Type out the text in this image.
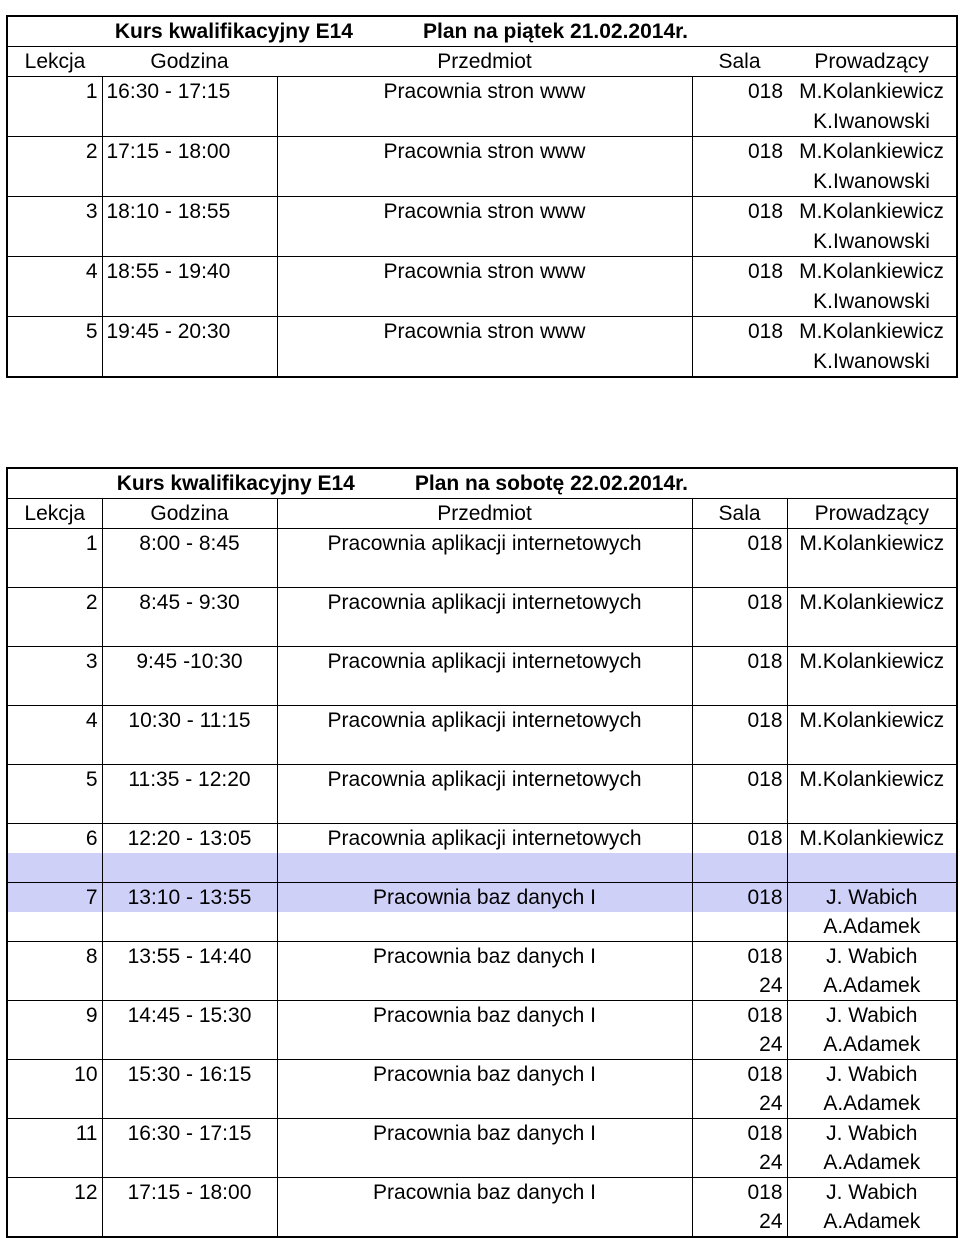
Kurs kwalifikacyjny E14 Plan na piątek 21.02.2014r.				
Lekcja	Godzina	Przedmiot	Sala	Prowadzący
1	16:30 - 17:15	Pracownia stron www	018	M.Kolankiewicz
				K.Iwanowski
2	17:15 - 18:00	Pracownia stron www	018	M.Kolankiewicz
				K.Iwanowski
3	18:10 - 18:55	Pracownia stron www	018	M.Kolankiewicz
				K.Iwanowski
4	18:55 - 19:40	Pracownia stron www	018	M.Kolankiewicz
				K.Iwanowski
5	19:45 - 20:30	Pracownia stron www	018	M.Kolankiewicz
				K.Iwanowski
Kurs kwalifikacyjny E14 Plan na sobotę 22.02.2014r.				
Lekcja	Godzina	Przedmiot	Sala	Prowadzący
1	8:00 - 8:45	Pracownia aplikacji internetowych	018	M.Kolankiewicz

2	8:45 - 9:30	Pracownia aplikacji internetowych	018	M.Kolankiewicz

3	9:45 -10:30	Pracownia aplikacji internetowych	018	M.Kolankiewicz

4	10:30 - 11:15	Pracownia aplikacji internetowych	018	M.Kolankiewicz

5	11:35 - 12:20	Pracownia aplikacji internetowych	018	M.Kolankiewicz

6	12:20 - 13:05	Pracownia aplikacji internetowych	018	M.Kolankiewicz

7	13:10 - 13:55	Pracownia baz danych I	018	J. Wabich
				A.Adamek
8	13:55 - 14:40	Pracownia baz danych I	018	J. Wabich
			24	A.Adamek
9	14:45 - 15:30	Pracownia baz danych I	018	J. Wabich
			24	A.Adamek
10	15:30 - 16:15	Pracownia baz danych I	018	J. Wabich
			24	A.Adamek
11	16:30 - 17:15	Pracownia baz danych I	018	J. Wabich
			24	A.Adamek
12	17:15 - 18:00	Pracownia baz danych I	018	J. Wabich
			24	A.Adamek
